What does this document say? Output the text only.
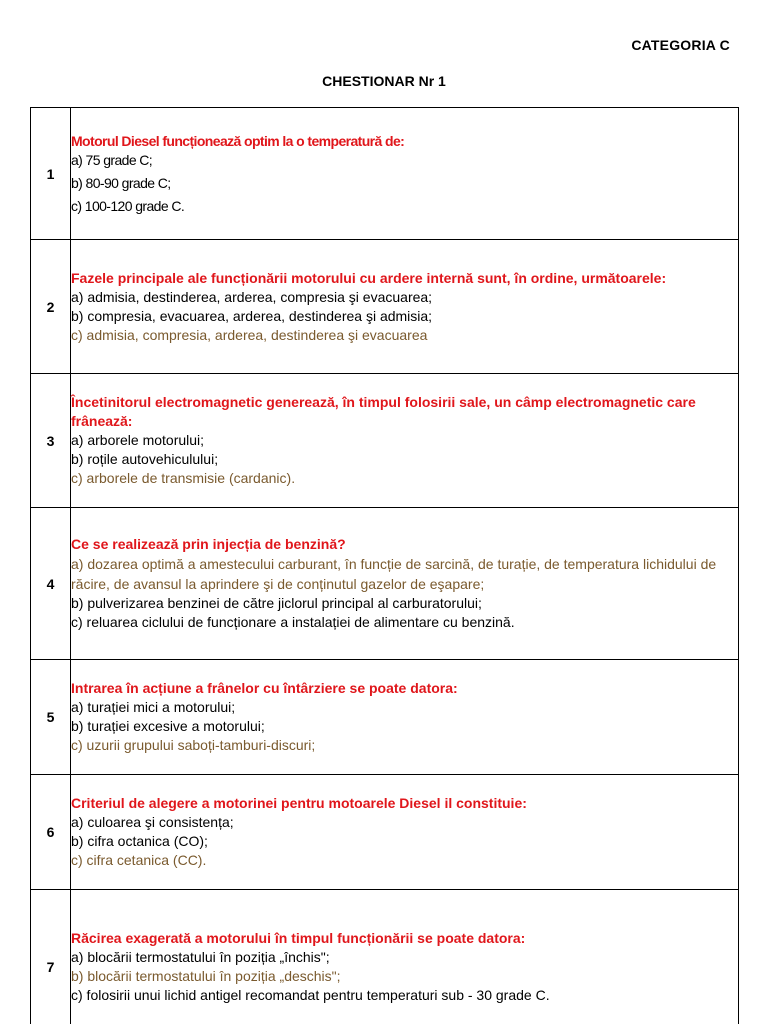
CATEGORIA C
CHESTIONAR Nr 1
1	Motorul Diesel funcționează optim la o temperatură de:
a) 75 grade C;
b) 80-90 grade C;
c) 100-120 grade C.

2	Fazele principale ale funcționării motorului cu ardere internă sunt, în ordine, următoarele:
a) admisia, destinderea, arderea, compresia şi evacuarea;
b) compresia, evacuarea, arderea, destinderea şi admisia;
c) admisia, compresia, arderea, destinderea şi evacuarea

3	Încetinitorul electromagnetic generează, în timpul folosirii sale, un câmp electromagnetic care frânează:
a) arborele motorului;
b) roțile autovehiculului;
c) arborele de transmisie (cardanic).

4	Ce se realizează prin injecția de benzină?
a) dozarea optimă a amestecului carburant, în funcție de sarcină, de turație, de temperatura lichidului de răcire, de avansul la aprindere şi de conținutul gazelor de eşapare;
b) pulverizarea benzinei de către jiclorul principal al carburatorului;
c) reluarea ciclului de funcționare a instalației de alimentare cu benzină.

5	Intrarea în acțiune a frânelor cu întârziere se poate datora:
a) turației mici a motorului;
b) turației excesive a motorului;
c) uzurii grupului saboți-tamburi-discuri;

6	Criteriul de alegere a motorinei pentru motoarele Diesel il constituie:
a) culoarea şi consistența;
b) cifra octanica (CO);
c) cifra cetanica (CC).

7	Răcirea exagerată a motorului în timpul funcționării se poate datora:
a) blocării termostatului în poziția „închis";
b) blocării termostatului în poziția „deschis";
c) folosirii unui lichid antigel recomandat pentru temperaturi sub - 30 grade C.
